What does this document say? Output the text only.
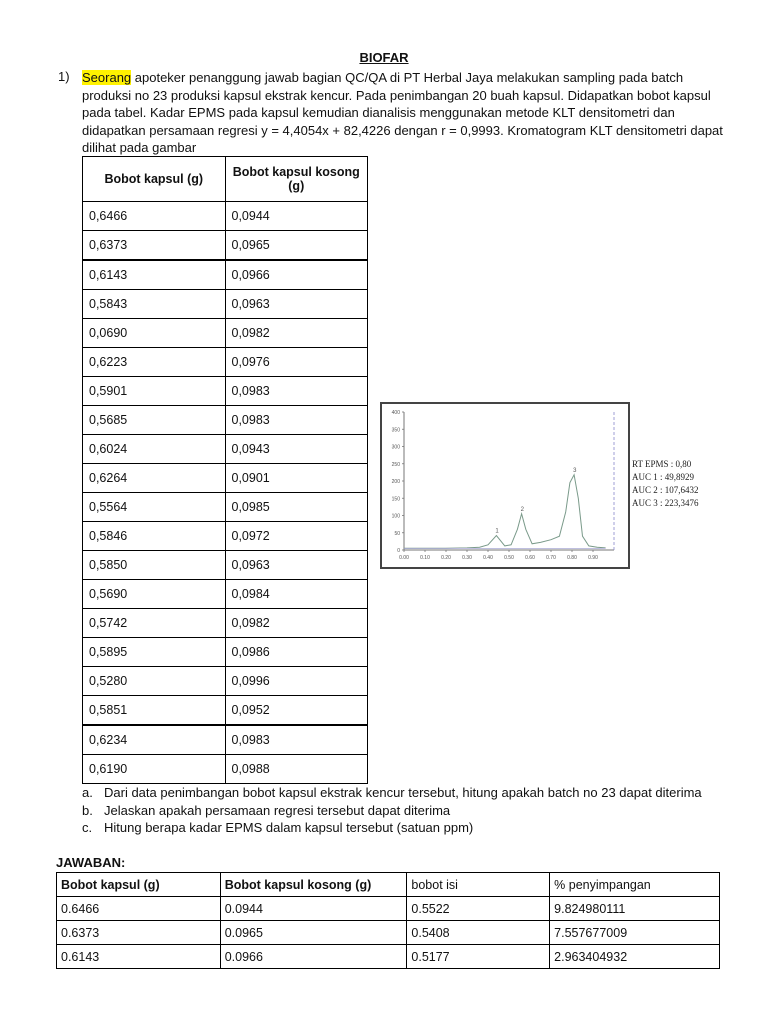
BIOFAR
1) Seorang apoteker penanggung jawab bagian QC/QA di PT Herbal Jaya melakukan sampling pada batch produksi no 23 produksi kapsul ekstrak kencur. Pada penimbangan 20 buah kapsul. Didapatkan bobot kapsul pada tabel. Kadar EPMS pada kapsul kemudian dianalisis menggunakan metode KLT densitometri dan didapatkan persamaan regresi y = 4,4054x + 82,4226 dengan r = 0,9993. Kromatogram KLT densitometri dapat dilihat pada gambar
Bobot kapsul (g)	Bobot kapsul kosong (g)
0,6466	0,0944
0,6373	0,0965
0,6143	0,0966
0,5843	0,0963
0,0690	0,0982
0,6223	0,0976
0,5901	0,0983
0,5685	0,0983
0,6024	0,0943
0,6264	0,0901
0,5564	0,0985
0,5846	0,0972
0,5850	0,0963
0,5690	0,0984
0,5742	0,0982
0,5895	0,0986
0,5280	0,0996
0,5851	0,0952
0,6234	0,0983
0,6190	0,0988
400
350
300
250
200
150
100
50
0
0.00 0.10 0.20 0.30 0.40 0.50 0.60 0.70 0.80 0.90
1
2
3
RT EPMS : 0,80
AUC 1 : 49,8929
AUC 2 : 107,6432
AUC 3 : 223,3476
a. Dari data penimbangan bobot kapsul ekstrak kencur tersebut, hitung apakah batch no 23 dapat diterima
b. Jelaskan apakah persamaan regresi tersebut dapat diterima
c. Hitung berapa kadar EPMS dalam kapsul tersebut (satuan ppm)
JAWABAN:
Bobot kapsul (g)	Bobot kapsul kosong (g)	bobot isi	% penyimpangan
0.6466	0.0944	0.5522	9.824980111
0.6373	0.0965	0.5408	7.557677009
0.6143	0.0966	0.5177	2.963404932
